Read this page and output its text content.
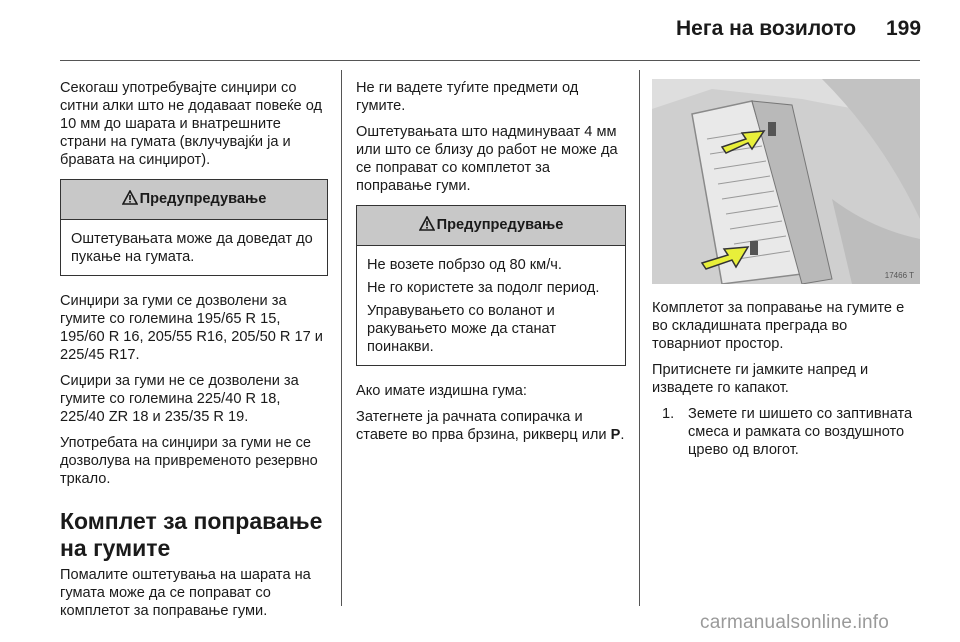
Нега на возилото 199

Секогаш употребувајте синџири со ситни алки што не додаваат повеќе од 10 мм до шарата и внатрешните страни на гумата (вклучувајќи ја и бравата на синџирот).

Предупредување

Оштетувањата може да доведат до пукање на гумата.

Синџири за гуми се дозволени за гумите со големина 195/65 R 15, 195/60 R 16, 205/55 R16, 205/50 R 17 и 225/45 R17.

Сиџири за гуми не се дозволени за гумите со големина 225/40 R 18, 225/40 ZR 18 и 235/35 R 19.

Употребата на синџири за гуми не се дозволува на привременото резервно тркало.

Комплет за поправање на гумите

Помалите оштетувања на шарата на гумата може да се поправат со комплетот за поправање гуми.

Не ги вадете туѓите предмети од гумите.

Оштетувањата што надминуваат 4 мм или што се близу до работ не може да се поправат со комплетот за поправање гуми.

Предупредување

Не возете побрзо од 80 км/ч.

Не го користете за подолг период.

Управувањето со воланот и ракувањето може да станат поинакви.

Ако имате издишна гума:

Затегнете ја рачната сопирачка и ставете во прва брзина, рикверц или P.

17466 T

Комплетот за поправање на гумите е во складишната преграда во товарниот простор.

Притиснете ги јамките напред и извадете го капакот.

1. Земете ги шишето со заптивната смеса и рамката со воздушното црево од влогот.
carmanualsonline.info
